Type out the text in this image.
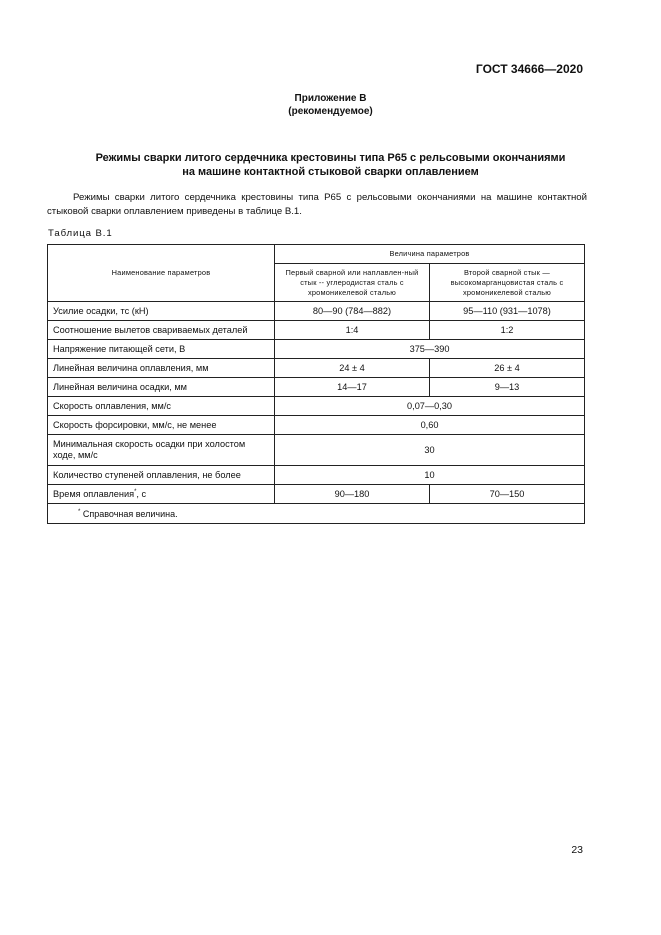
ГОСТ 34666—2020
Приложение В
(рекомендуемое)
Режимы сварки литого сердечника крестовины типа Р65 с рельсовыми окончаниями
на машине контактной стыковой сварки оплавлением
Режимы сварки литого сердечника крестовины типа Р65 с рельсовыми окончаниями на машине контактной стыковой сварки оплавлением приведены в таблице В.1.
Таблица В.1
Наименование параметров	Величина параметров	
	Первый сварной или наплавлен-ный стык -- углеродистая сталь с хромоникелевой сталью	Второй сварной стык — высокомарганцовистая сталь с хромоникелевой сталью
Усилие осадки, тс (кН)	80—90 (784—882)	95—110 (931—1078)
Соотношение вылетов свариваемых деталей	1:4	1:2
Напряжение питающей сети, В	375—390	
Линейная величина оплавления, мм	24 ± 4	26 ± 4
Линейная величина осадки, мм	14—17	9—13
Скорость оплавления, мм/с	0,07—0,30	
Скорость форсировки, мм/с, не менее	0,60	
Минимальная скорость осадки при холостом ходе, мм/с	30	
Количество ступеней оплавления, не более	10	
Время оплавления*, с	90—180	70—150
* Справочная величина.		
23
